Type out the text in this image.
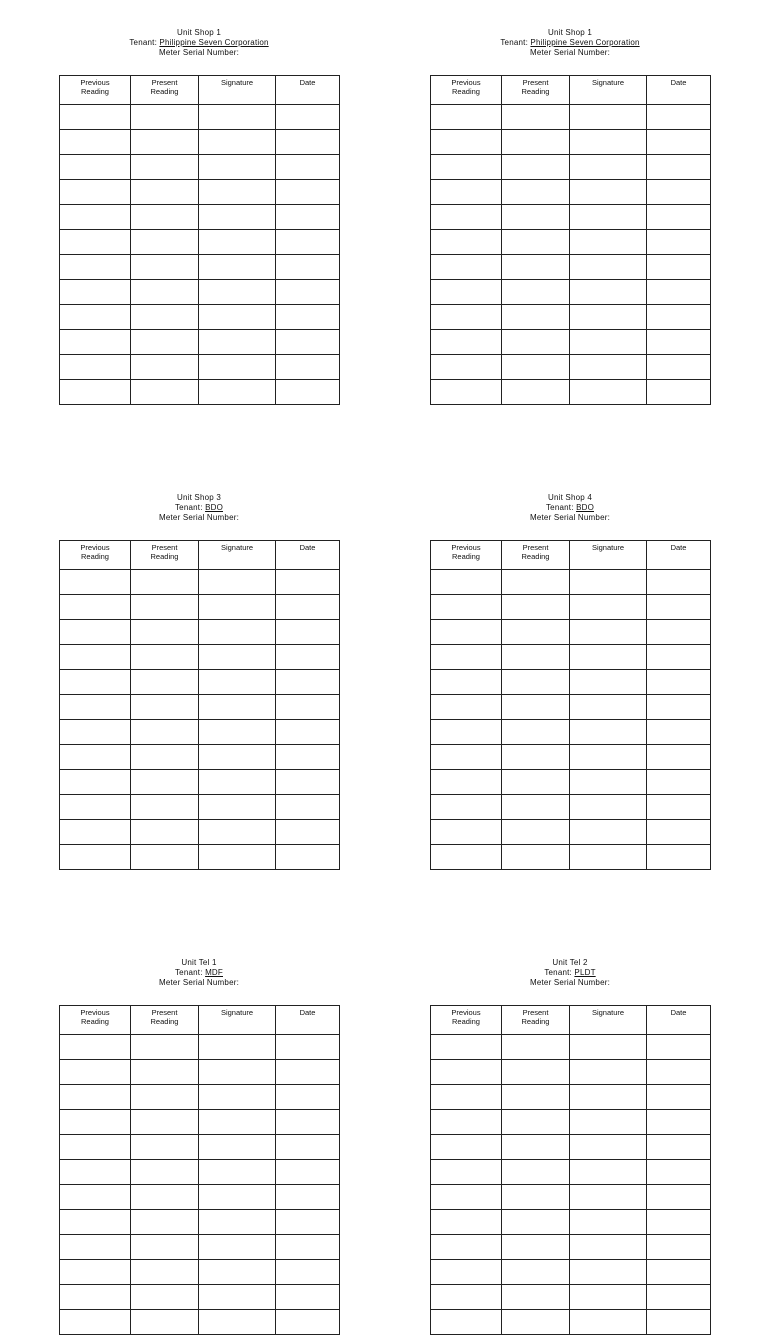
Unit Shop 1
Tenant: Philippine Seven Corporation
Meter Serial Number:
Previous
Reading	Present
Reading	Signature	Date

Unit Shop 1
Tenant: Philippine Seven Corporation
Meter Serial Number:
Previous
Reading	Present
Reading	Signature	Date

Unit Shop 3
Tenant: BDO
Meter Serial Number:
Previous
Reading	Present
Reading	Signature	Date

Unit Shop 4
Tenant: BDO
Meter Serial Number:
Previous
Reading	Present
Reading	Signature	Date

Unit Tel 1
Tenant: MDF
Meter Serial Number:
Previous
Reading	Present
Reading	Signature	Date

Unit Tel 2
Tenant: PLDT
Meter Serial Number:
Previous
Reading	Present
Reading	Signature	Date
